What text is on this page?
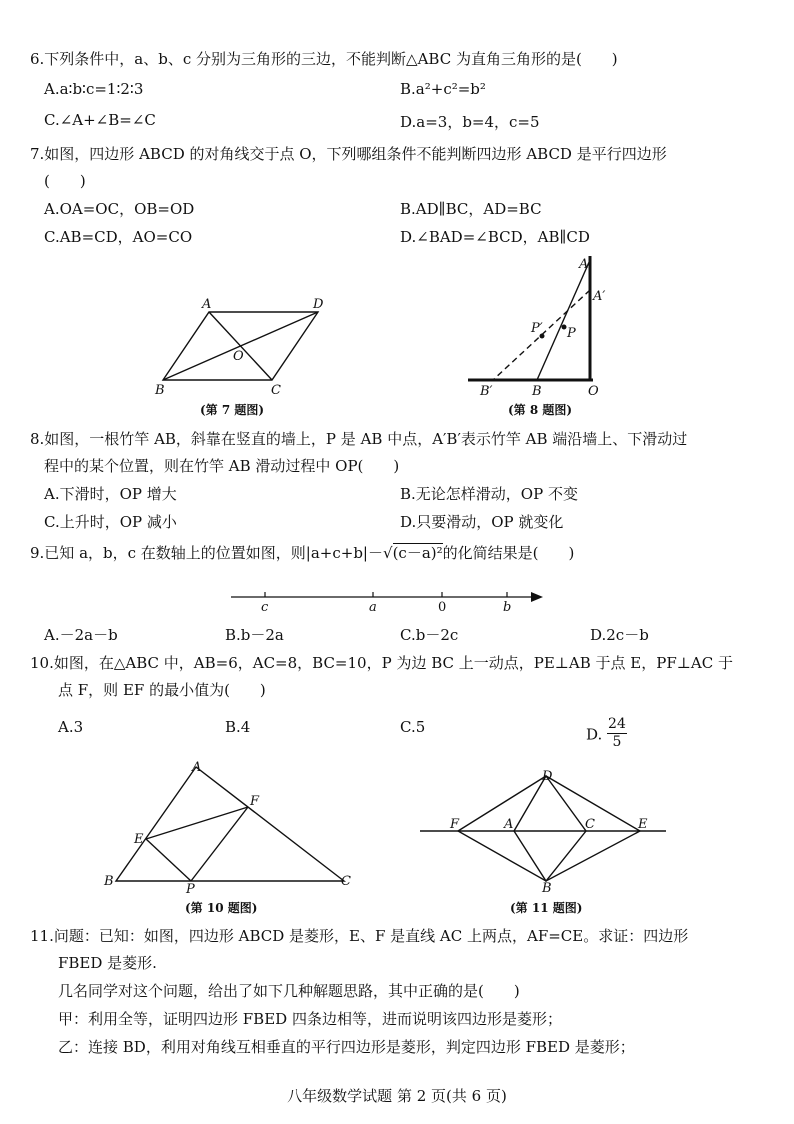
6.下列条件中，a、b、c 分别为三角形的三边，不能判断△ABC 为直角三角形的是(　　)
A.a∶b∶c=1∶2∶3	B.a²+c²=b²
C.∠A+∠B=∠C	D.a=3，b=4，c=5
7.如图，四边形 ABCD 的对角线交于点 O，下列哪组条件不能判断四边形 ABCD 是平行四边形
(　　)
A.OA=OC，OB=OD	B.AD∥BC，AD=BC
C.AB=CD，AO=CO	D.∠BAD=∠BCD，AB∥CD
A	D
O
B	C
(第 7 题图)
A
A′
P
P′
B′	B	O
(第 8 题图)
8.如图，一根竹竿 AB，斜靠在竖直的墙上，P 是 AB 中点，A′B′表示竹竿 AB 端沿墙上、下滑动过
程中的某个位置，则在竹竿 AB 滑动过程中 OP(　　)
A.下滑时，OP 增大	B.无论怎样滑动，OP 不变
C.上升时，OP 减小	D.只要滑动，OP 就变化
9.已知 a，b，c 在数轴上的位置如图，则|a+c+b|－√(c－a)²的化简结果是(　　)
c	a	0	b
A.－2a－b	B.b－2a	C.b－2c	D.2c－b
10.如图，在△ABC 中，AB=6，AC=8，BC=10，P 为边 BC 上一动点，PE⊥AB 于点 E，PF⊥AC 于
点 F，则 EF 的最小值为(　　)
A.3	B.4	C.5	D. $\frac{24}{5}$
A
E
F
B
P
C
(第 10 题图)
D
F	A	C	E
B
(第 11 题图)
11.问题：已知：如图，四边形 ABCD 是菱形，E、F 是直线 AC 上两点，AF=CE。求证：四边形
FBED 是菱形.
几名同学对这个问题，给出了如下几种解题思路，其中正确的是(　　)
甲：利用全等，证明四边形 FBED 四条边相等，进而说明该四边形是菱形；
乙：连接 BD，利用对角线互相垂直的平行四边形是菱形，判定四边形 FBED 是菱形；
八年级数学试题 第 2 页(共 6 页)
